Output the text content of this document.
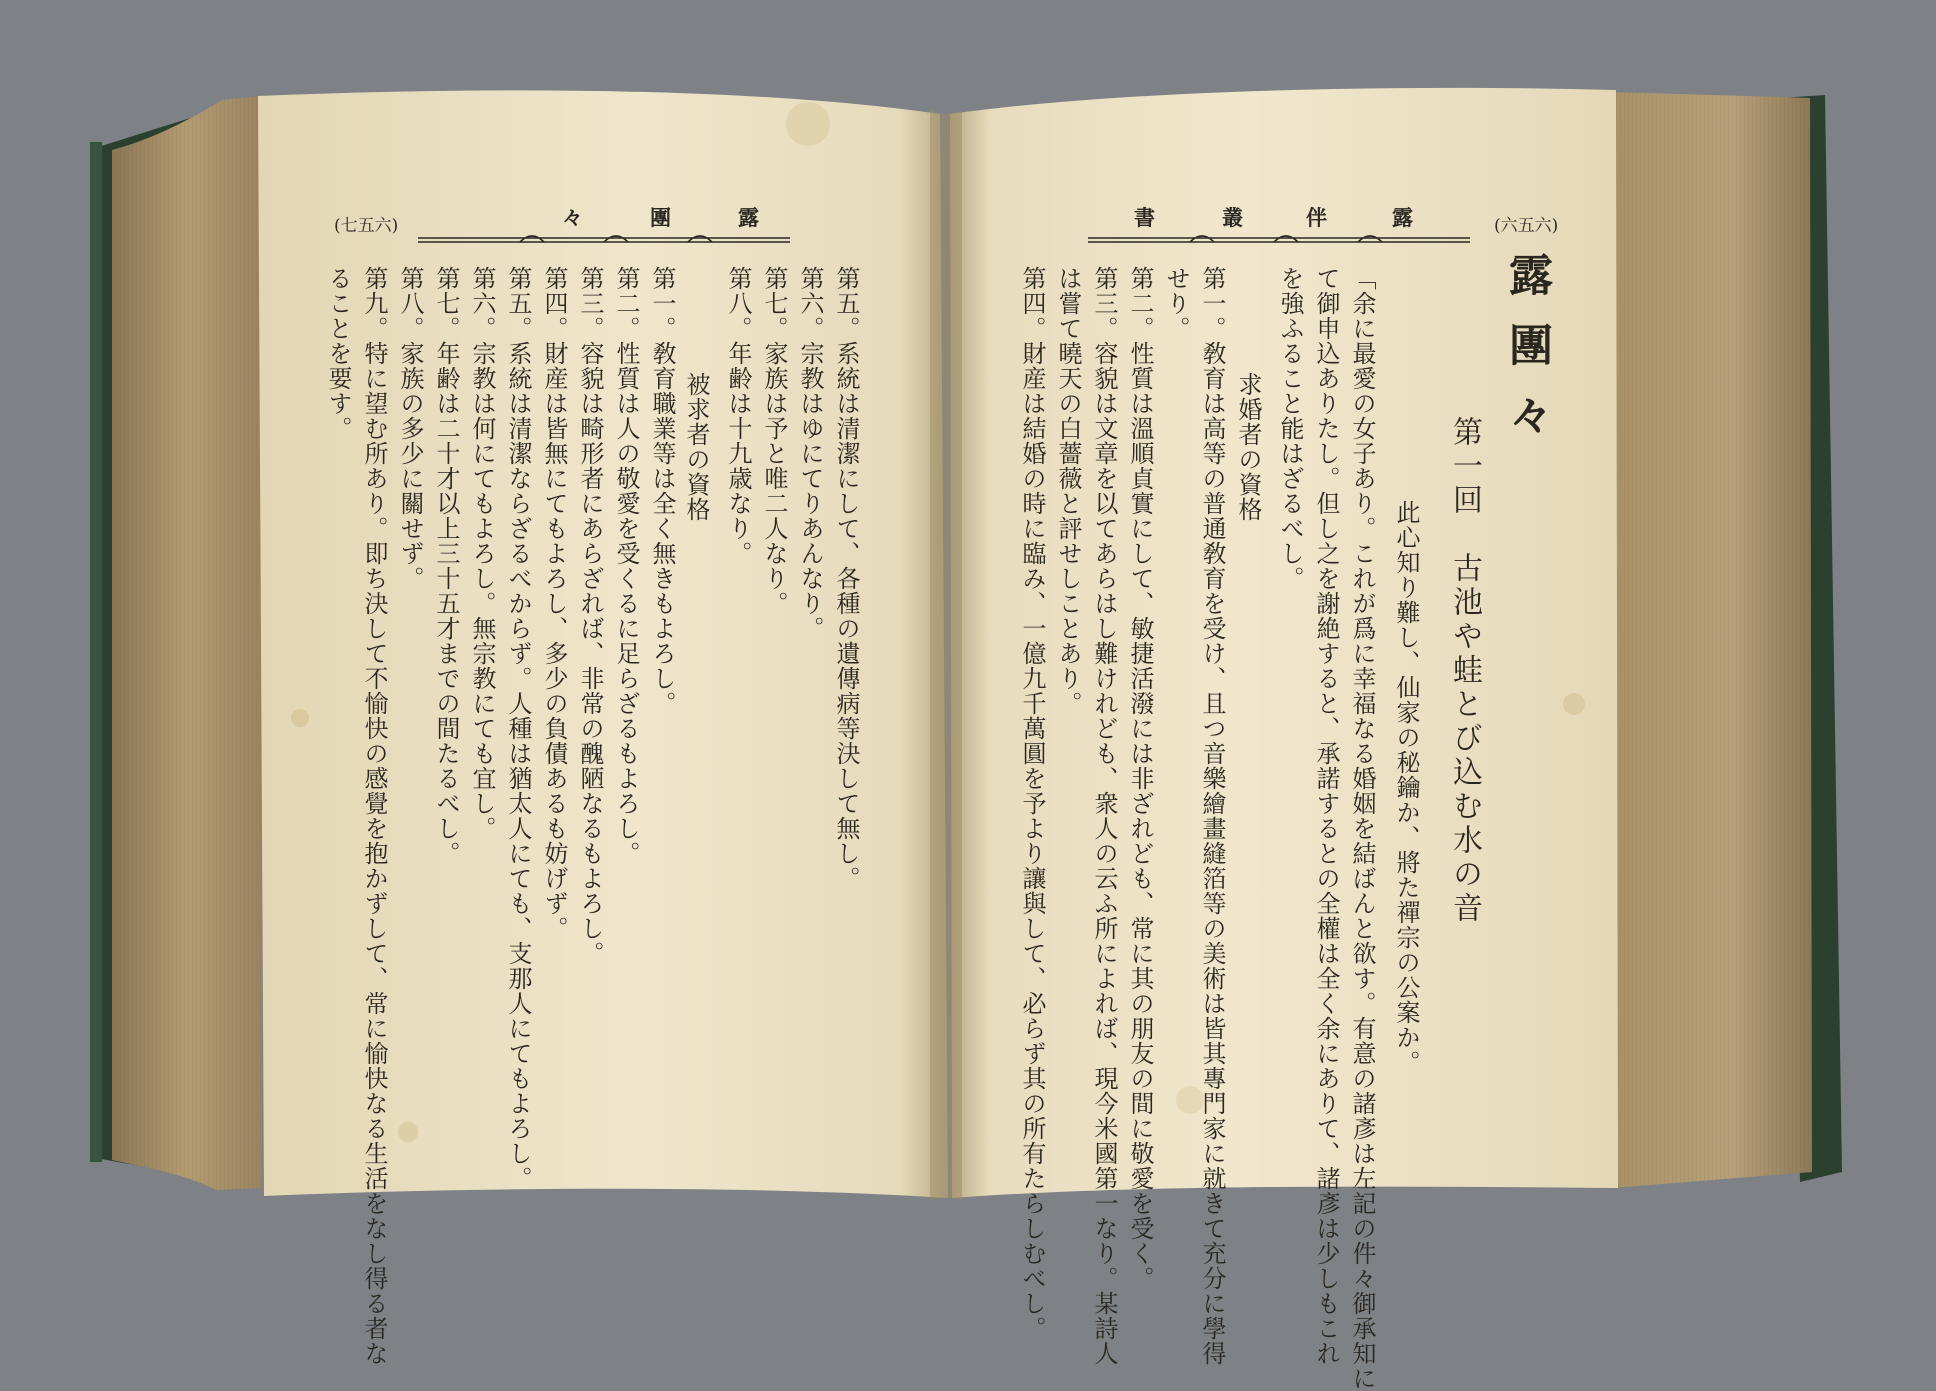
(七五六)	々	團	露
第五。系統は清潔にして、各種の遺傳病等決して無し。
第六。宗教はゆにてりあんなり。
第七。家族は予と唯二人なり。
第八。年齢は十九歳なり。
被求者の資格
第一。敎育職業等は全く無きもよろし。
第二。性質は人の敬愛を受くるに足らざるもよろし。
第三。容貌は畸形者にあらざれば、非常の醜陋なるもよろし。
第四。財産は皆無にてもよろし、多少の負債あるも妨げず。
第五。系統は清潔ならざるべからず。人種は猶太人にても、支那人にてもよろし。
第六。宗教は何にてもよろし。無宗教にても宜し。
第七。年齢は二十才以上三十五才までの間たるべし。
第八。家族の多少に關せず。
第九。特に望む所あり。即ち決して不愉快の感覺を抱かずして、常に愉快なる生活をなし得る者な
ることを要す。
(六五六)
書	叢	伴	露
露團々
第一回　古池や蛙とび込む水の音
此心知り難し、仙家の秘鑰か、將た禪宗の公案か。
「余に最愛の女子あり。これが爲に幸福なる婚姻を結ばんと欲す。有意の諸彥は左記の件々御承知に
て御申込ありたし。但し之を謝絶すると、承諾するとの全權は全く余にありて、諸彥は少しもこれ
を強ふること能はざるべし。
求婚者の資格
第一。敎育は高等の普通敎育を受け、且つ音樂繪畫縫箔等の美術は皆其專門家に就きて充分に學得
せり。
第二。性質は溫順貞實にして、敏捷活潑には非ざれども、常に其の朋友の間に敬愛を受く。
第三。容貌は文章を以てあらはし難けれども、衆人の云ふ所によれば、現今米國第一なり。某詩人
は嘗て曉天の白薔薇と評せしことあり。
第四。財産は結婚の時に臨み、一億九千萬圓を予より讓與して、必らず其の所有たらしむべし。
